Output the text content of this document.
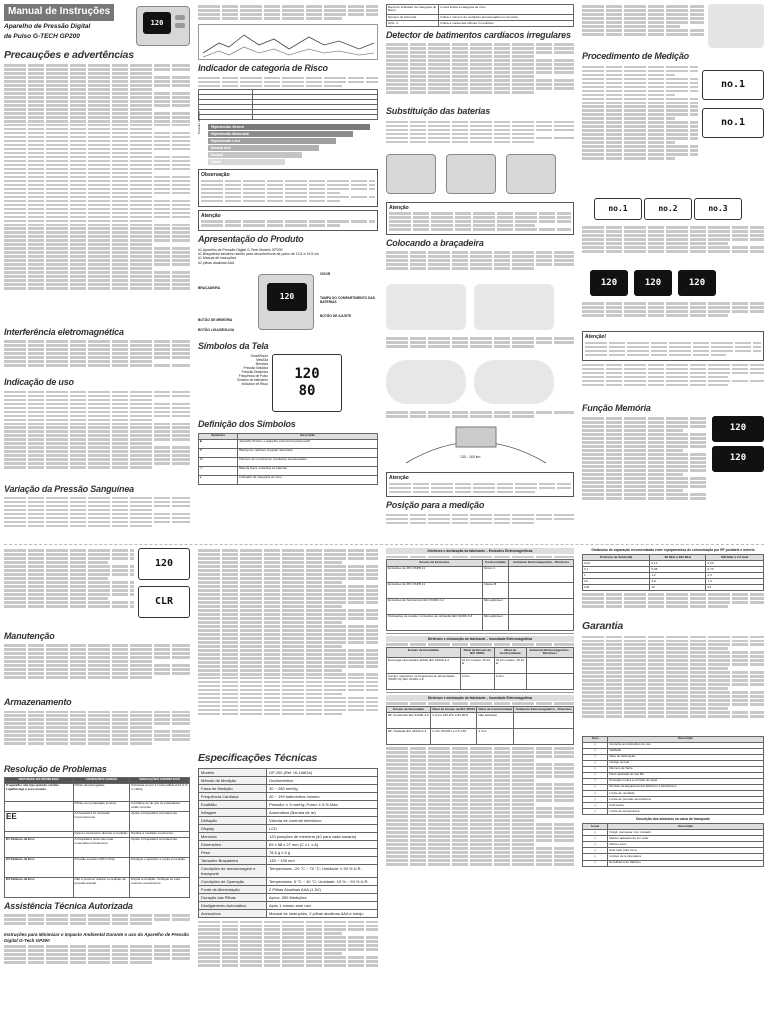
Manual de Instruções
Aparelho de Pressão Digital
de Pulso G-TECH GP200
120
Precauções e advertências
Interferência eletromagnética
Indicação de uso
Variação da Pressão Sanguínea
Indicador de categoria de Risco

Pressão sistólica	Hipertensão Severa
Hipertensão Moderada
Hipertensão Leve
Normal Alta
Normal
Ótima
Observação
Atenção
Apresentação do Produto
#1 Aparelho de Pressão Digital G-Tech Modelo GP200
#1 Braçadeira tamanho adulto para circunferência de pulso de 13,5 a 19,5 cm
#1 Manual de instruções
#2 pilhas alcalinas AAA
120
BRAÇADEIRA
VISOR
BOTÃO DE MEMÓRIA
BOTÃO LIGA/DESLIGA
TAMPA DO COMPARTIMENTO DAS BATERIAS
BOTÃO DE AJUSTE
Símbolos da Tela
Hora/Minuto
Mês/Dia
Memória
Pressão Sistólica
Pressão Diastólica
Frequência de Pulso
Símbolo de batimento
Indicador de Risco
120
80
Definição dos Símbolos
Símbolos	Descrição
■	Aparelho Pronto: o aparelho está pronto para medir
♥	Batimento cardíaco irregular detectado
M	Número de memória de resultados armazenados
▭	Bateria fraca: substitua as baterias
▸	Indicador de categoria de risco
Barra do indicador de Categoria de Risco	A seta indica a categoria de risco
Número de Memória	Indica o número de medições armazenadas na memória
AVG. 3	Indica a média das últimas 3 medições
Detector de batimentos cardíacos irregulares
Substituição das baterias
Atenção
Colocando a braçadeira
130 - 160 km
Atenção
Posição para a medição
Procedimento de Medição
no.1
no.1
no.1	no.2	no.3
120	120	120
Atenção!
Função Memória
120
120
120
CLR
Manutenção
Armazenamento
Resolução de Problemas
SINTOMAS DO PROBLEMA	CONDIÇÕES GERAIS	INDICAÇÕES CORRETIVAS
O aparelho não liga quando o botão Liga/Desliga é pressionado.	Pilhas descarregadas.	Substitua-as por 2 novas pilhas AAA (1,5 V LR03)
	Pilhas com polaridade inversa.	Certifique-se de que as polaridades estão corretas
EE	A braçadeira foi colocada incorretamente.	Ajuste a braçadeira corretamente.
	Fala ou movimento durante a medição	Realize a medição novamente.
E1 Símbolo de Erro	A braçadeira pode não estar conectada corretamente	Ajuste a braçadeira corretamente.
E2 Símbolo de Erro	Pressão excedeu 300 mmHg	Desligue o aparelho e repita a medição.
E3 Símbolo de Erro	Não é possível realizar a medição da pressão arterial.	Repita a medição. Verifique se está usando corretamente.
Assistência Técnica Autorizada
Instruções para Minimizar o Impacto Ambiental Durante o uso do Aparelho de Pressão Digital G-Tech GP200
Especificações Técnicas
Modelo	GP 200 (Ref. HL168GA)
Método de Medição	Oscilométrico
Faixa de Medição	30 ~ 280 mmHg
Frequência Cardíaca	40 ~ 199 batimentos /minuto
Exatidão	Pressão: ± 3 mmHg; Pulso: ± 5 % Máx.
Inflagem	Automática (Bomba de ar)
Deflação	Válvula de controle eletrônico
Display	LCD
Memória	120 posições de memória (40 para cada usuário)
Dimensões	69 x 68 x 27 mm (C x L x A)
Peso	78,5 g ± 5 g
Tamanho Braçadeira	135 ~ 195 mm
Condições de armazenagem e transporte	Temperatura: -20 °C ~ 70 °C; Umidade: ≤ 93 % U.R.
Condições de Operação	Temperatura: 5 °C ~ 40 °C; Umidade: 15 % ~ 93 % U.R.
Fonte de Alimentação	2 Pilhas Alcalinas AAA (1,5V)
Duração das Pilhas	Aprox. 250 Medições
Desligamento Automático	Após 1 minuto sem uso
Acessórios	Manual de instruções, 2 pilhas alcalinas AAA e estojo
Diretrizes e declaração do fabricante – Emissões Eletromagnéticas
Ensaio de Emissões	Conformidade	Ambiente Eletromagnético - Diretrizes
Emissões de RF CISPR 11	Grupo 1	
Emissões de RF CISPR 11	Classe B	
Emissões de harmônicos IEC 61000-3-2	Não aplicável	
Flutuações de tensão / emissões de cintilação IEC 61000-3-3	Não aplicável	
Diretrizes e declaração do fabricante – Imunidade Eletromagnética
Ensaio de Imunidade	Nível de Ensaio da IEC 60601	Nível de Conformidade	Ambiente Eletromagnético - Diretrizes
Descarga eletrostática (ESD) IEC 61000-4-2	±6 kV contato; ±8 kV ar	±6 kV contato; ±8 kV ar	
Campo magnético na frequência de alimentação (50/60 Hz) IEC 61000-4-8	3 A/m	3 A/m	
Diretrizes e declaração do fabricante – Imunidade Eletromagnética
Ensaio de Imunidade	Nível de Ensaio da IEC 60601	Nível de Conformidade	Ambiente Eletromagnético - Diretrizes
RF Conduzida IEC 61000-4-6	3 Vrms 150 kHz a 80 MHz	Não aplicável	
RF Irradiada IEC 61000-4-3	3 V/m 80 MHz a 2,5 GHz	3 V/m	
Distâncias de separação recomendadas entre equipamentos de comunicação por RF portáteis e móveis
Potência de Saída (W)	80 MHz a 800 MHz	800 MHz a 2,5 GHz
0,01	0,12	0,23
0,1	0,38	0,73
1	1,2	2,3
10	3,8	7,3
100	12	23
Garantia
Ícon	Descrição
◇	Consulte as instruções de uso
◇	Validade
◇	Data de fabricação
◇	Código do lote
◇	Número de Série
◇	Parte aplicada de tipo BF
◇	Proteção contra a entrada de água
◇	Produto de Equipamentos Elétricos e Eletrônicos
◇	Limite de umidade
◇	Limite de pressão atmosférica
◇	Fabricante
◇	Limite de temperatura
Descrição dos símbolos na caixa de transporte
Ícone	Descrição
◇	Frágil, manusear com cuidado
◇	Manter afastado de luz solar
◇	Manter seco
◇	Este lado para cima
◇	Limites de temperatura
◇	Empilhamento Máximo
